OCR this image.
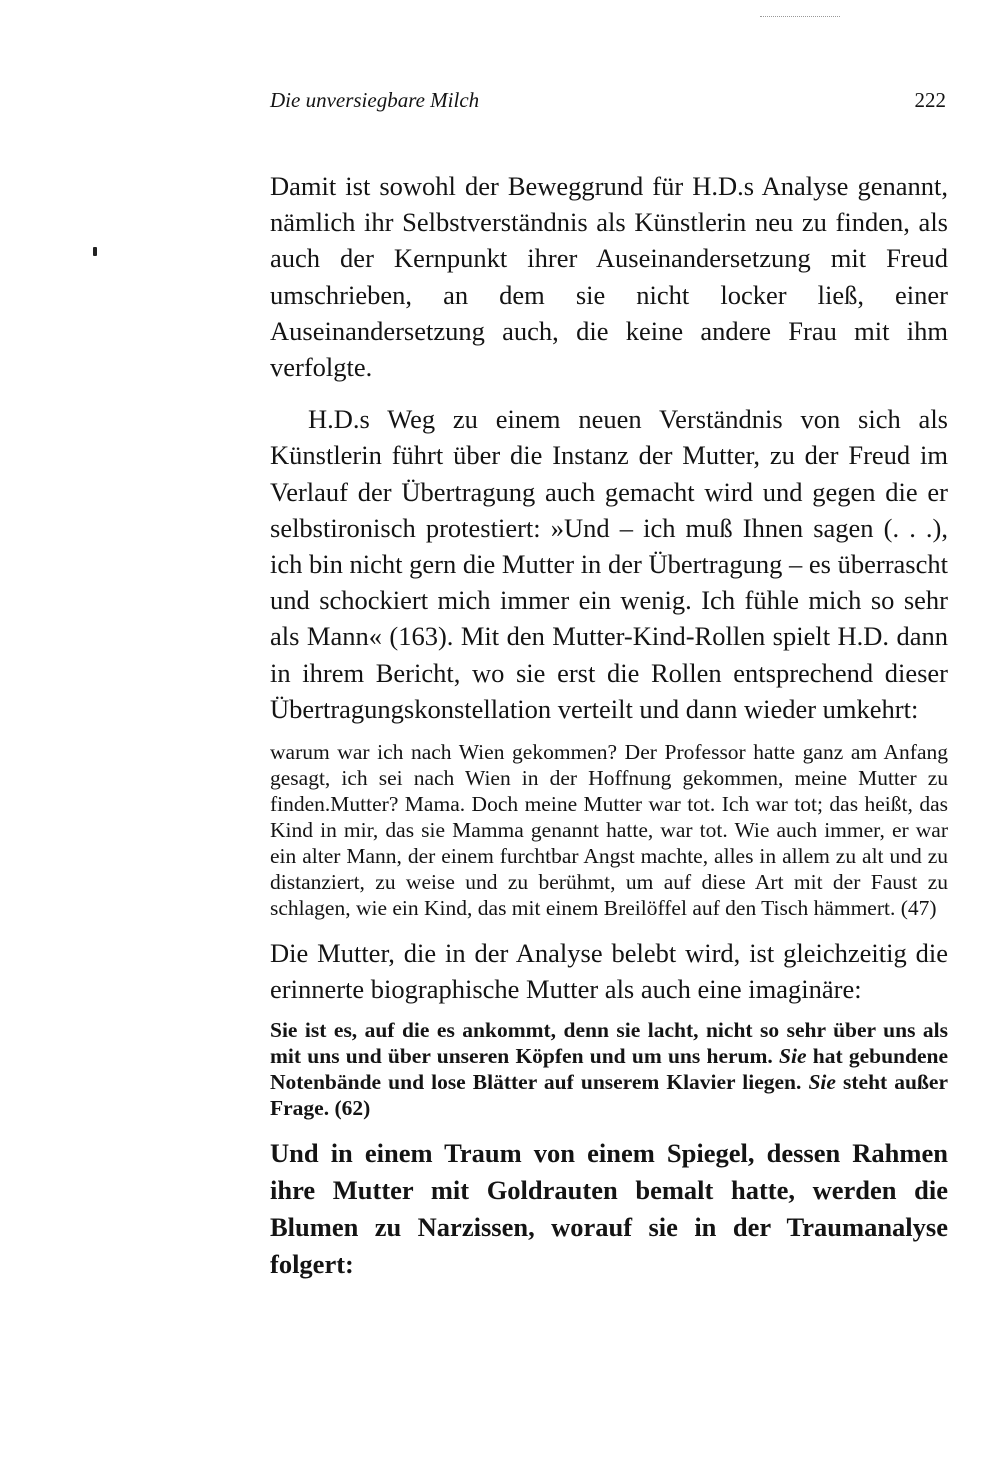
Die unversiegbare Milch	222

Damit ist sowohl der Beweggrund für H.D.s Analyse genannt, nämlich ihr Selbstverständnis als Künstlerin neu zu finden, als auch der Kernpunkt ihrer Auseinandersetzung mit Freud umschrieben, an dem sie nicht locker ließ, einer Auseinandersetzung auch, die keine andere Frau mit ihm verfolgte.

H.D.s Weg zu einem neuen Verständnis von sich als Künstlerin führt über die Instanz der Mutter, zu der Freud im Verlauf der Übertragung auch gemacht wird und gegen die er selbstironisch protestiert: »Und – ich muß Ihnen sagen (. . .), ich bin nicht gern die Mutter in der Übertragung – es überrascht und schockiert mich immer ein wenig. Ich fühle mich so sehr als Mann« (163). Mit den Mutter-Kind-Rollen spielt H.D. dann in ihrem Bericht, wo sie erst die Rollen entsprechend dieser Übertragungskonstellation verteilt und dann wieder umkehrt:

warum war ich nach Wien gekommen? Der Professor hatte ganz am Anfang gesagt, ich sei nach Wien in der Hoffnung gekommen, meine Mutter zu finden.Mutter? Mama. Doch meine Mutter war tot. Ich war tot; das heißt, das Kind in mir, das sie Mamma genannt hatte, war tot. Wie auch immer, er war ein alter Mann, der einem furchtbar Angst machte, alles in allem zu alt und zu distanziert, zu weise und zu berühmt, um auf diese Art mit der Faust zu schlagen, wie ein Kind, das mit einem Breilöffel auf den Tisch hämmert. (47)

Die Mutter, die in der Analyse belebt wird, ist gleichzeitig die erinnerte biographische Mutter als auch eine imaginäre:

Sie ist es, auf die es ankommt, denn sie lacht, nicht so sehr über uns als mit uns und über unseren Köpfen und um uns herum. Sie hat gebundene Notenbände und lose Blätter auf unserem Klavier liegen. Sie steht außer Frage. (62)

Und in einem Traum von einem Spiegel, dessen Rahmen ihre Mutter mit Goldrauten bemalt hatte, werden die Blumen zu Narzissen, worauf sie in der Traumanalyse folgert:
